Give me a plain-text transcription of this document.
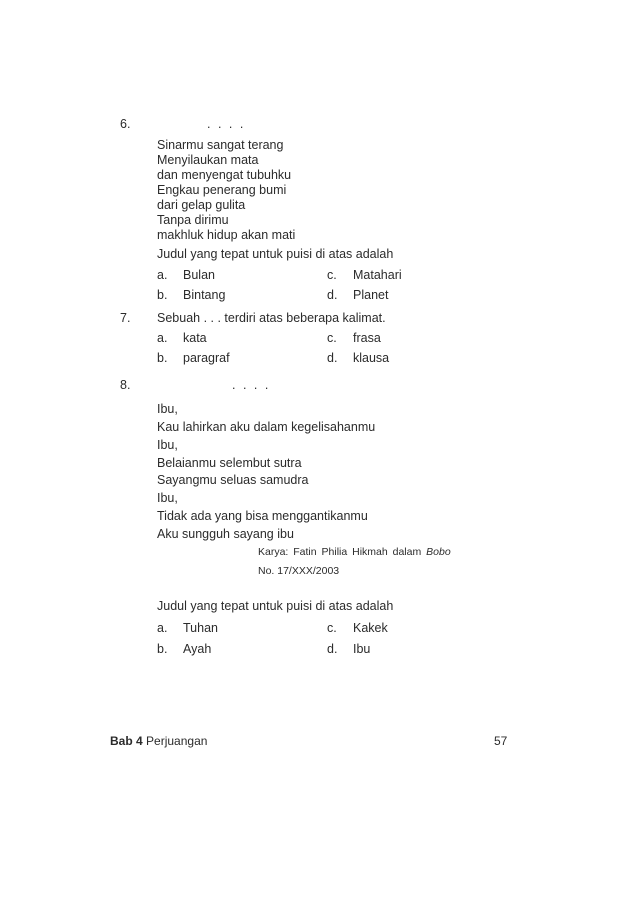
6.	. . . .
Sinarmu sangat terang
Menyilaukan mata
dan menyengat tubuhku
Engkau penerang bumi
dari gelap gulita
Tanpa dirimu
makhluk hidup akan mati
Judul yang tepat untuk puisi di atas adalah
a. Bulan
b. Bintang
c. Matahari
d. Planet
7. Sebuah . . . terdiri atas beberapa kalimat.
a. kata
b. paragraf
c. frasa
d. klausa
8.	. . . .
Ibu,
Kau lahirkan aku dalam kegelisahanmu
Ibu,
Belaianmu selembut sutra
Sayangmu seluas samudra
Ibu,
Tidak ada yang bisa menggantikanmu
Aku sungguh sayang ibu
Karya: Fatin Philia Hikmah dalam Bobo
No. 17/XXX/2003
Judul yang tepat untuk puisi di atas adalah
a. Tuhan
b. Ayah
c. Kakek
d. Ibu
Bab 4 Perjuangan	57
